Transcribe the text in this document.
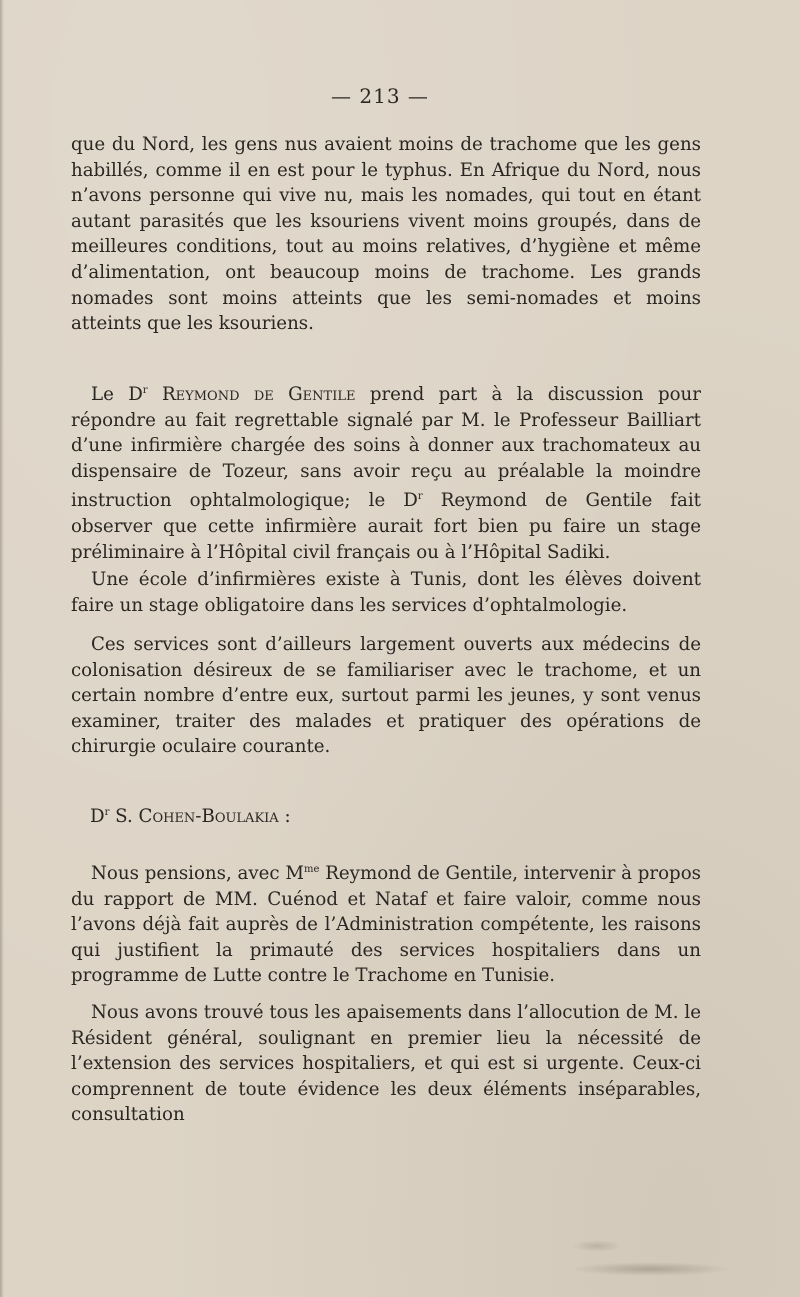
— 213 —

que du Nord, les gens nus avaient moins de trachome que les gens habillés, comme il en est pour le typhus. En Afrique du Nord, nous n’avons personne qui vive nu, mais les nomades, qui tout en étant autant parasités que les ksouriens vivent moins groupés, dans de meilleures conditions, tout au moins relatives, d’hygiène et même d’alimentation, ont beaucoup moins de trachome. Les grands nomades sont moins atteints que les semi-nomades et moins atteints que les ksouriens.

Le $D^r$ Reymond de Gentile prend part à la discussion pour répondre au fait regrettable signalé par M. le Professeur Bailliart d’une infirmière chargée des soins à donner aux trachomateux au dispensaire de Tozeur, sans avoir reçu au préalable la moindre instruction ophtalmologique; le $D^r$ Reymond de Gentile fait observer que cette infirmière aurait fort bien pu faire un stage préliminaire à l’Hôpital civil français ou à l’Hôpital Sadiki.

Une école d’infirmières existe à Tunis, dont les élèves doivent faire un stage obligatoire dans les services d’ophtalmologie.

Ces services sont d’ailleurs largement ouverts aux médecins de colonisation désireux de se familiariser avec le trachome, et un certain nombre d’entre eux, surtout parmi les jeunes, y sont venus examiner, traiter des malades et pratiquer des opérations de chirurgie oculaire courante.

$D^r$ S. Cohen-Boulakia :

Nous pensions, avec $M^{me}$ Reymond de Gentile, intervenir à propos du rapport de MM. Cuénod et Nataf et faire valoir, comme nous l’avons déjà fait auprès de l’Administration compétente, les raisons qui justifient la primauté des services hospitaliers dans un programme de Lutte contre le Trachome en Tunisie.

Nous avons trouvé tous les apaisements dans l’allocution de M. le Résident général, soulignant en premier lieu la nécessité de l’extension des services hospitaliers, et qui est si urgente. Ceux-ci comprennent de toute évidence les deux éléments inséparables, consultation
